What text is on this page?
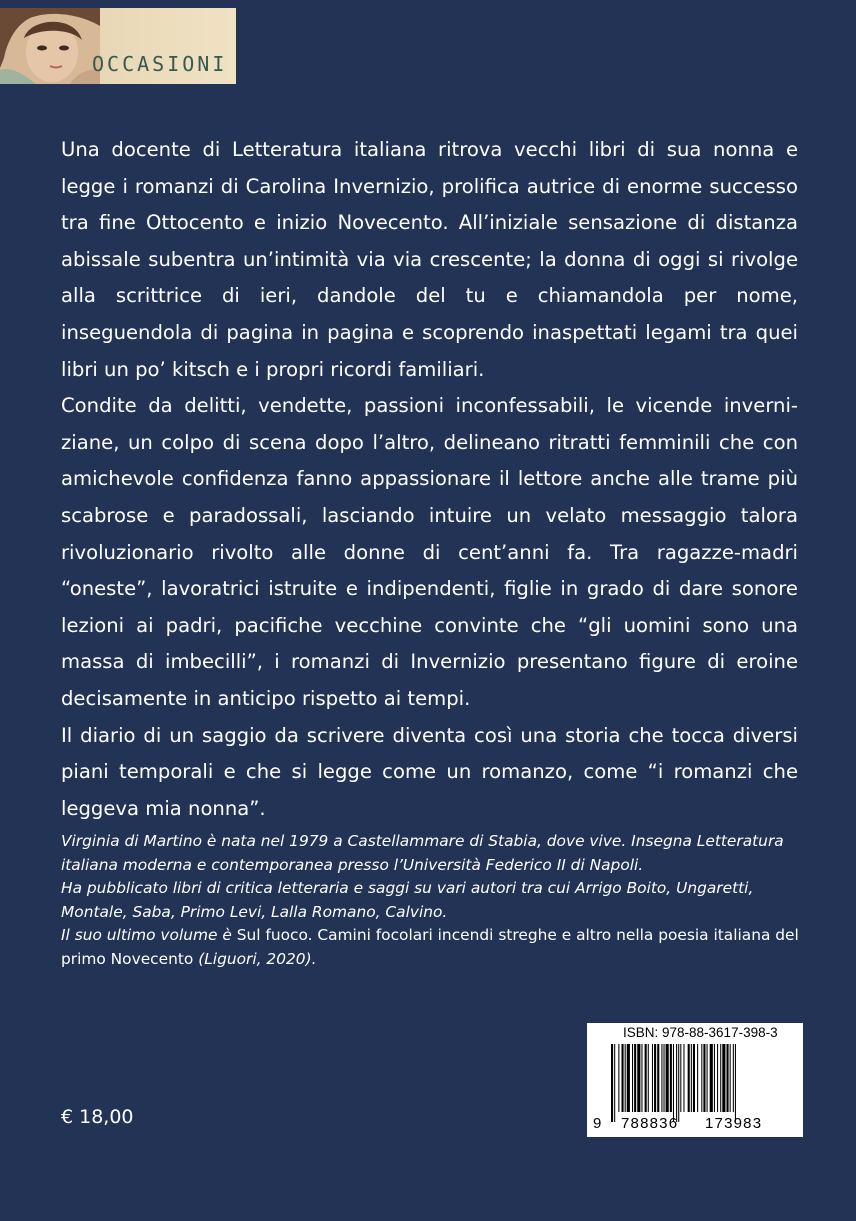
OCCASIONI

Una docente di Letteratura italiana ritrova vecchi libri di sua nonna e legge i romanzi di Carolina Invernizio, prolifica autrice di enorme successo tra fine Ottocento e inizio Novecento. All’iniziale sensazione di distanza abissale subentra un’intimità via via crescente; la donna di oggi si rivolge alla scrittrice di ieri, dandole del tu e chiamandola per nome, inseguendola di pagina in pagina e scoprendo inaspettati legami tra quei libri un po’ kitsch e i propri ricordi familiari.

Condite da delitti, vendette, passioni inconfessabili, le vicende inverniziane, un colpo di scena dopo l’altro, delineano ritratti femminili che con amichevole confidenza fanno appassionare il lettore anche alle trame più scabrose e paradossali, lasciando intuire un velato messaggio talora rivoluzionario rivolto alle donne di cent’anni fa. Tra ragazze-madri “oneste”, lavoratrici istruite e indipendenti, figlie in grado di dare sonore lezioni ai padri, pacifiche vecchine convinte che “gli uomini sono una massa di imbecilli”, i romanzi di Invernizio presentano figure di eroine decisamente in anticipo rispetto ai tempi.

Il diario di un saggio da scrivere diventa così una storia che tocca diversi piani temporali e che si legge come un romanzo, come “i romanzi che leggeva mia nonna”.

Virginia di Martino è nata nel 1979 a Castellammare di Stabia, dove vive. Insegna Letteratura italiana moderna e contemporanea presso l’Università Federico II di Napoli.

Ha pubblicato libri di critica letteraria e saggi su vari autori tra cui Arrigo Boito, Ungaretti, Montale, Saba, Primo Levi, Lalla Romano, Calvino.

Il suo ultimo volume è Sul fuoco. Camini focolari incendi streghe e altro nella poesia italiana del primo Novecento (Liguori, 2020).

ISBN: 978-88-3617-398-3
9 788836 173983
€ 18,00
